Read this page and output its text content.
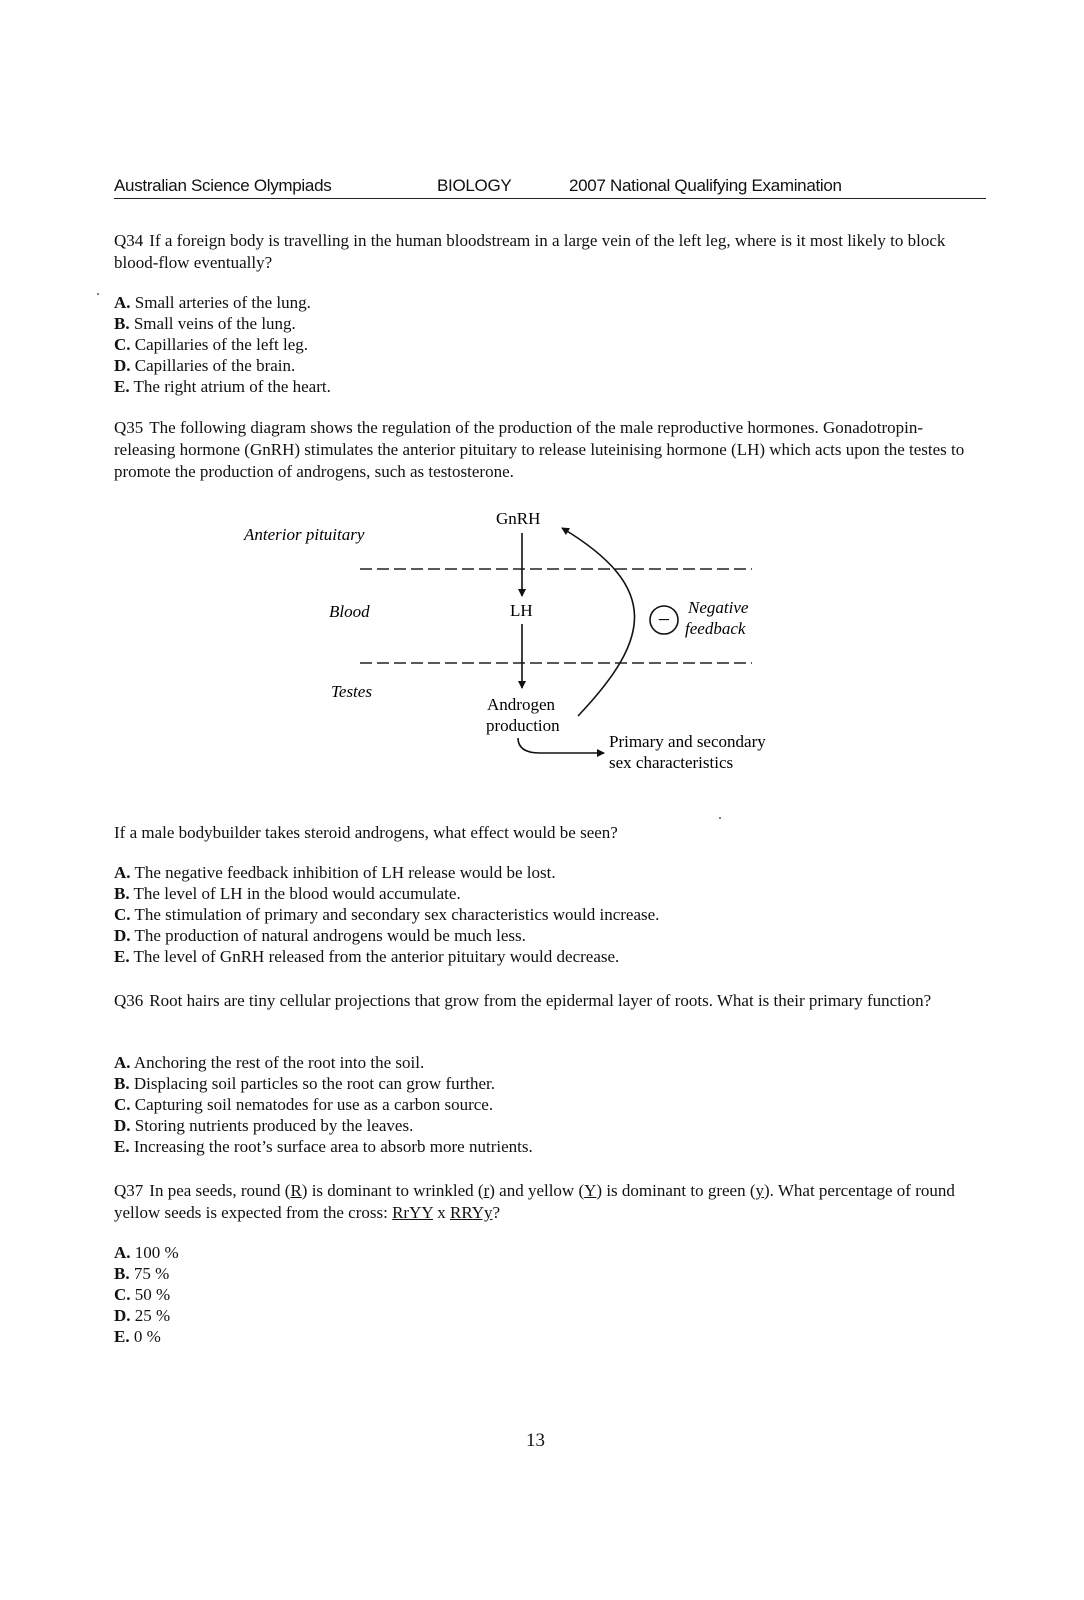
Australian Science Olympiads	BIOLOGY	2007 National Qualifying Examination
Q34 If a foreign body is travelling in the human bloodstream in a large vein of the left leg, where is it most likely to block blood-flow eventually?
A. Small arteries of the lung.
B. Small veins of the lung.
C. Capillaries of the left leg.
D. Capillaries of the brain.
E. The right atrium of the heart.
Q35 The following diagram shows the regulation of the production of the male reproductive hormones. Gonadotropin-releasing hormone (GnRH) stimulates the anterior pituitary to release luteinising hormone (LH) which acts upon the testes to promote the production of androgens, such as testosterone.
Anterior pituitary
Blood
Testes
GnRH
LH
Androgen
production
Negative
feedback
Primary and secondary
sex characteristics
−
If a male bodybuilder takes steroid androgens, what effect would be seen?
A. The negative feedback inhibition of LH release would be lost.
B. The level of LH in the blood would accumulate.
C. The stimulation of primary and secondary sex characteristics would increase.
D. The production of natural androgens would be much less.
E. The level of GnRH released from the anterior pituitary would decrease.
Q36 Root hairs are tiny cellular projections that grow from the epidermal layer of roots. What is their primary function?
A. Anchoring the rest of the root into the soil.
B. Displacing soil particles so the root can grow further.
C. Capturing soil nematodes for use as a carbon source.
D. Storing nutrients produced by the leaves.
E. Increasing the root’s surface area to absorb more nutrients.
Q37 In pea seeds, round (R) is dominant to wrinkled (r) and yellow (Y) is dominant to green (y). What percentage of round yellow seeds is expected from the cross: RrYY x RRYy?
A. 100 %
B. 75 %
C. 50 %
D. 25 %
E. 0 %
13
